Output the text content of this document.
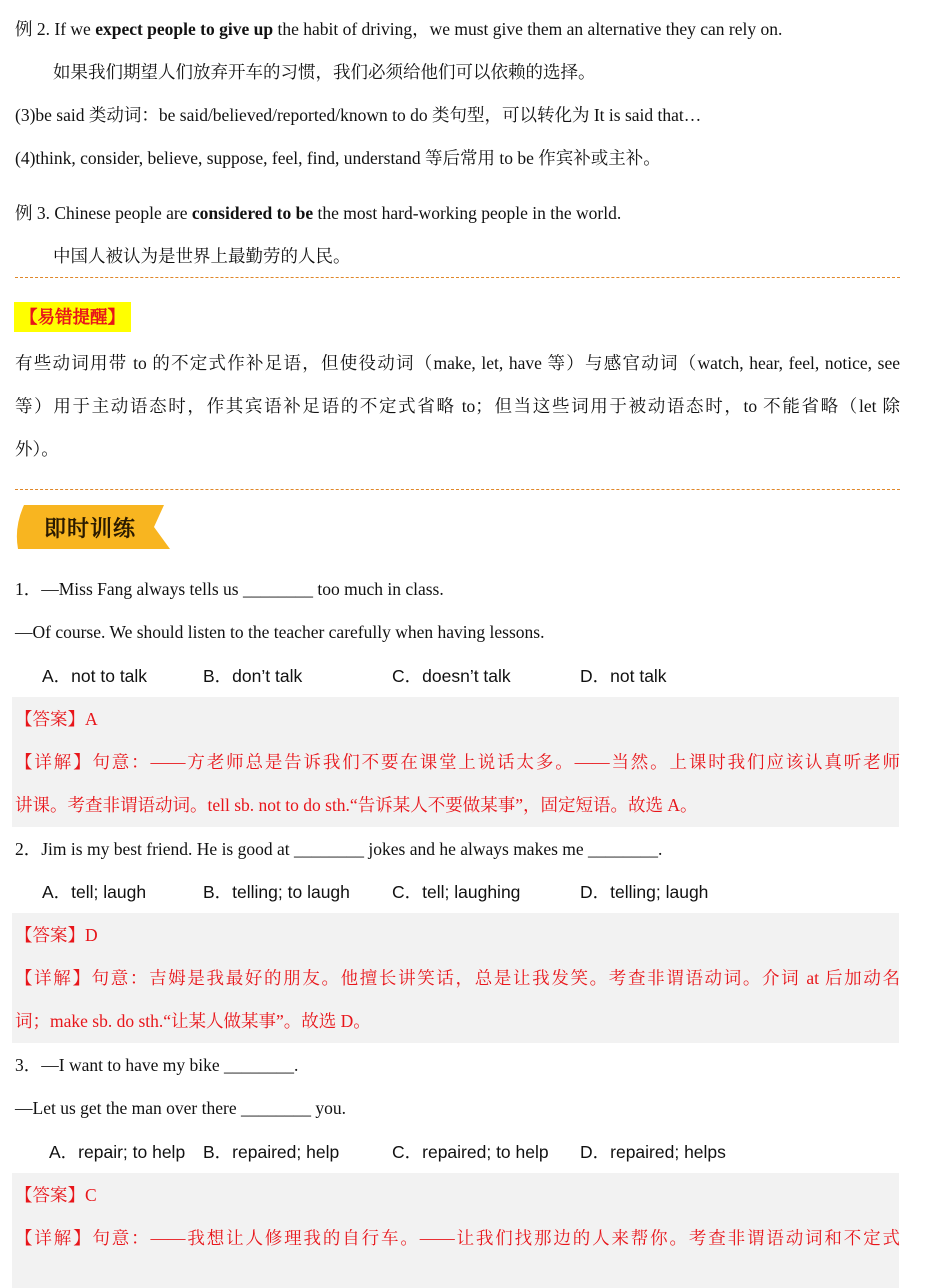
例 2. If we expect people to give up the habit of driving，we must give them an alternative they can rely on.
如果我们期望人们放弃开车的习惯，我们必须给他们可以依赖的选择。
(3)be said 类动词：be said/believed/reported/known to do 类句型，可以转化为 It is said that…
(4)think, consider, believe, suppose, feel, find, understand 等后常用 to be 作宾补或主补。
例 3. Chinese people are considered to be the most hard-working people in the world.
中国人被认为是世界上最勤劳的人民。
【易错提醒】
有些动词用带 to 的不定式作补足语，但使役动词（make, let, have 等）与感官动词（watch, hear, feel, notice, see
等）用于主动语态时，作其宾语补足语的不定式省略 to；但当这些词用于被动语态时，to 不能省略（let 除
外）。
即时训练
1．—Miss Fang always tells us ________ too much in class.
—Of course. We should listen to the teacher carefully when having lessons.
A．not to talk	B．don’t talk	C．doesn’t talk	D．not talk
【答案】A
【详解】句意：——方老师总是告诉我们不要在课堂上说话太多。——当然。上课时我们应该认真听老师
讲课。考查非谓语动词。tell sb. not to do sth.“告诉某人不要做某事”，固定短语。故选 A。
2．Jim is my best friend. He is good at ________ jokes and he always makes me ________.
A．tell; laugh	B．telling; to laugh C．tell; laughing	D．telling; laugh
【答案】D
【详解】句意：吉姆是我最好的朋友。他擅长讲笑话，总是让我发笑。考查非谓语动词。介词 at 后加动名
词；make sb. do sth.“让某人做某事”。故选 D。
3．—I want to have my bike ________.
—Let us get the man over there ________ you.
A．repair; to help B．repaired; help	C．repaired; to help D．repaired; helps
【答案】C
【详解】句意：——我想让人修理我的自行车。——让我们找那边的人来帮你。考查非谓语动词和不定式
